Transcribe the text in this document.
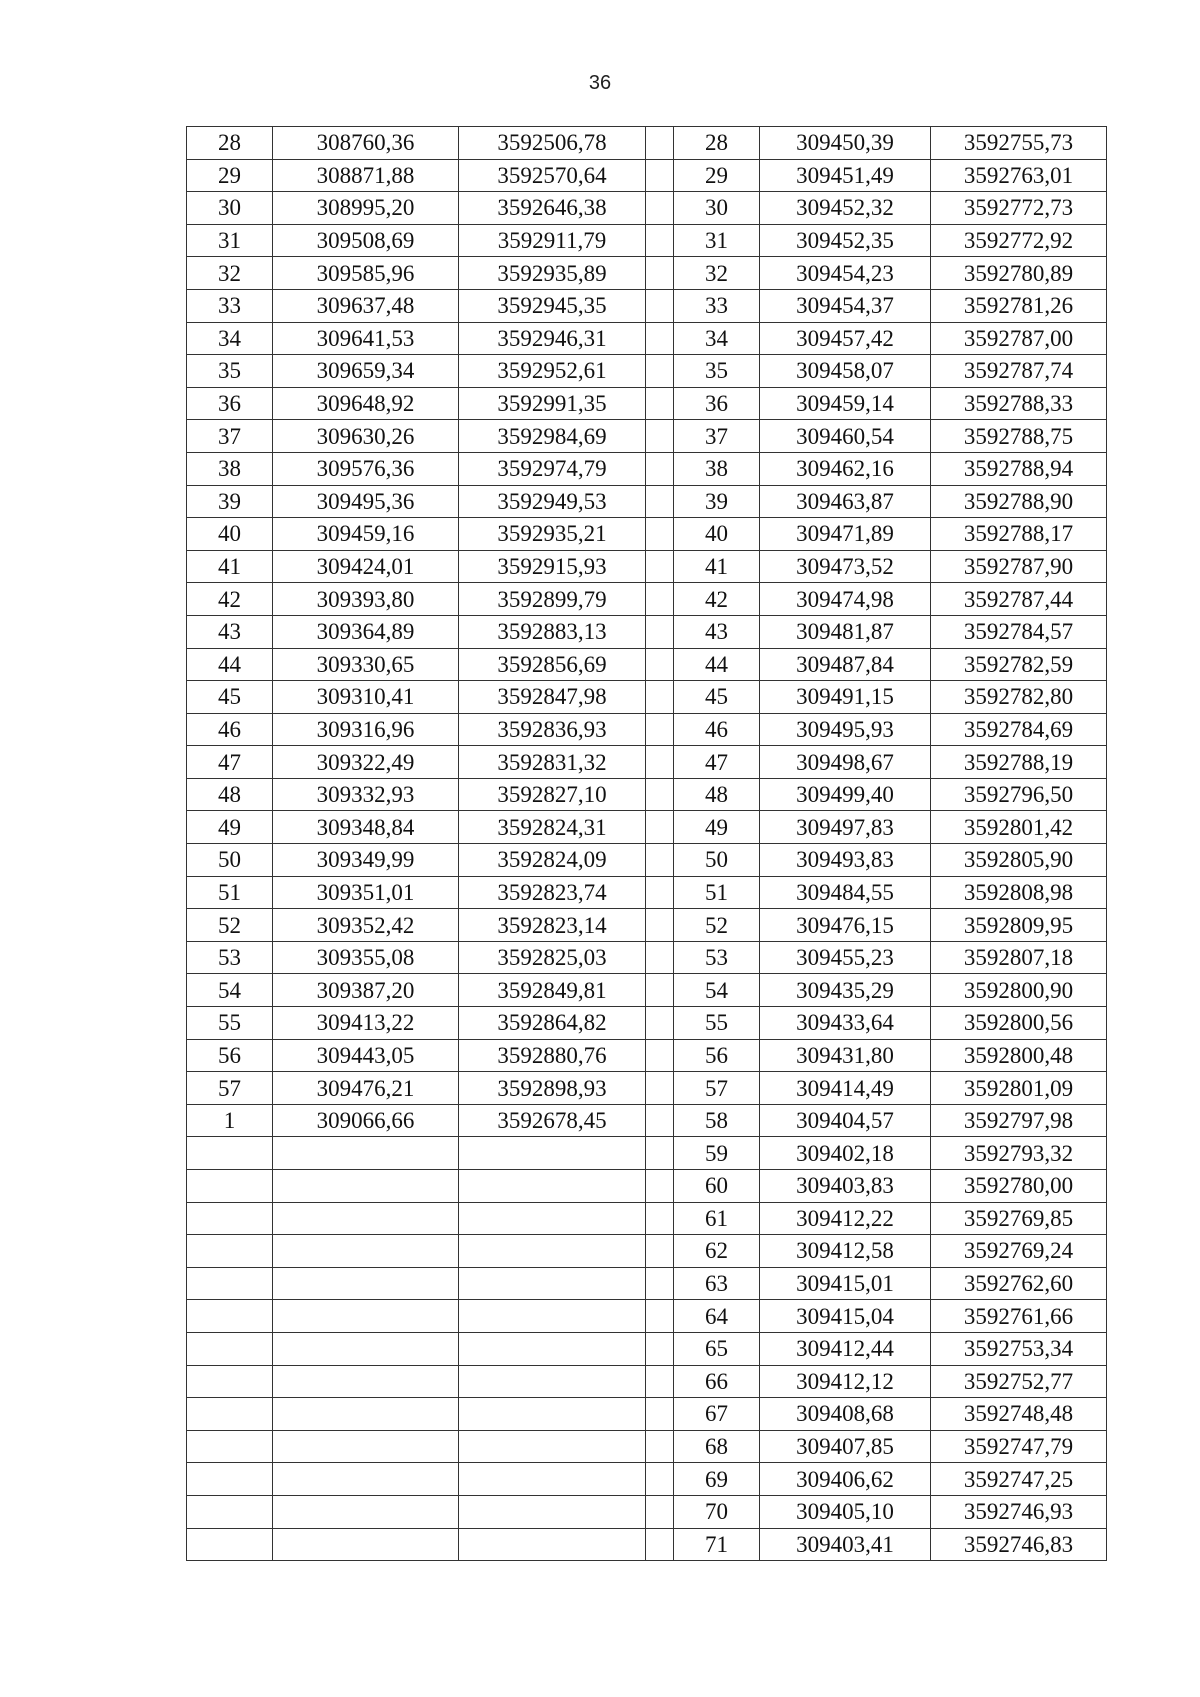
36
28	308760,36	3592506,78		28	309450,39	3592755,73
29	308871,88	3592570,64		29	309451,49	3592763,01
30	308995,20	3592646,38		30	309452,32	3592772,73
31	309508,69	3592911,79		31	309452,35	3592772,92
32	309585,96	3592935,89		32	309454,23	3592780,89
33	309637,48	3592945,35		33	309454,37	3592781,26
34	309641,53	3592946,31		34	309457,42	3592787,00
35	309659,34	3592952,61		35	309458,07	3592787,74
36	309648,92	3592991,35		36	309459,14	3592788,33
37	309630,26	3592984,69		37	309460,54	3592788,75
38	309576,36	3592974,79		38	309462,16	3592788,94
39	309495,36	3592949,53		39	309463,87	3592788,90
40	309459,16	3592935,21		40	309471,89	3592788,17
41	309424,01	3592915,93		41	309473,52	3592787,90
42	309393,80	3592899,79		42	309474,98	3592787,44
43	309364,89	3592883,13		43	309481,87	3592784,57
44	309330,65	3592856,69		44	309487,84	3592782,59
45	309310,41	3592847,98		45	309491,15	3592782,80
46	309316,96	3592836,93		46	309495,93	3592784,69
47	309322,49	3592831,32		47	309498,67	3592788,19
48	309332,93	3592827,10		48	309499,40	3592796,50
49	309348,84	3592824,31		49	309497,83	3592801,42
50	309349,99	3592824,09		50	309493,83	3592805,90
51	309351,01	3592823,74		51	309484,55	3592808,98
52	309352,42	3592823,14		52	309476,15	3592809,95
53	309355,08	3592825,03		53	309455,23	3592807,18
54	309387,20	3592849,81		54	309435,29	3592800,90
55	309413,22	3592864,82		55	309433,64	3592800,56
56	309443,05	3592880,76		56	309431,80	3592800,48
57	309476,21	3592898,93		57	309414,49	3592801,09
1	309066,66	3592678,45		58	309404,57	3592797,98
				59	309402,18	3592793,32
				60	309403,83	3592780,00
				61	309412,22	3592769,85
				62	309412,58	3592769,24
				63	309415,01	3592762,60
				64	309415,04	3592761,66
				65	309412,44	3592753,34
				66	309412,12	3592752,77
				67	309408,68	3592748,48
				68	309407,85	3592747,79
				69	309406,62	3592747,25
				70	309405,10	3592746,93
				71	309403,41	3592746,83
